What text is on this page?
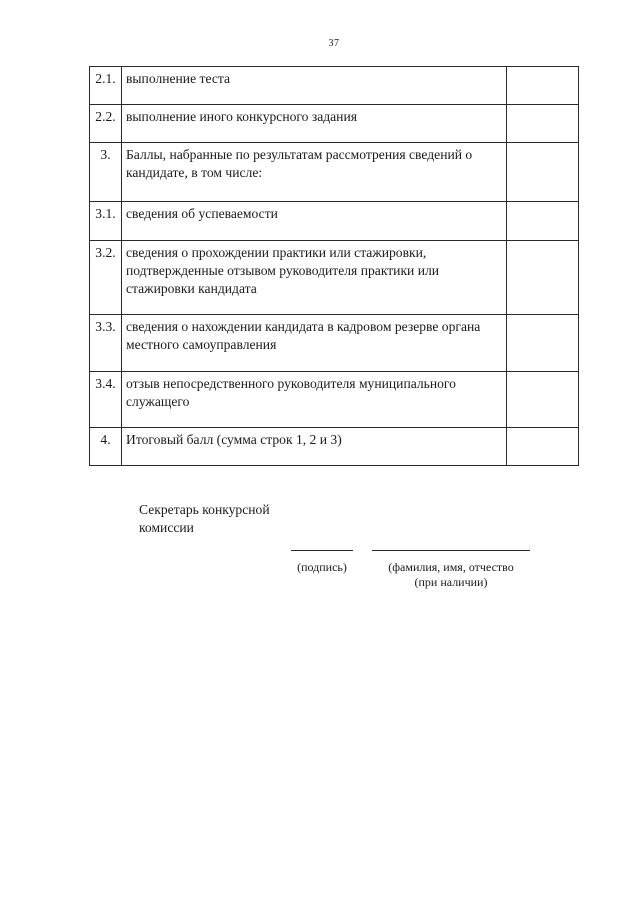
37
2.1.	выполнение теста	
2.2.	выполнение иного конкурсного задания	
3.	Баллы, набранные по результатам рассмотрения сведений о кандидате, в том числе:	
3.1.	сведения об успеваемости	
3.2.	сведения о прохождении практики или стажировки, подтвержденные отзывом руководителя практики или стажировки кандидата	
3.3.	сведения о нахождении кандидата в кадровом резерве органа местного самоуправления	
3.4.	отзыв непосредственного руководителя муниципального служащего	
4.	Итоговый балл (сумма строк 1, 2 и 3)	
Секретарь конкурсной
комиссии
(подпись)	(фамилия, имя, отчество
(при наличии)
